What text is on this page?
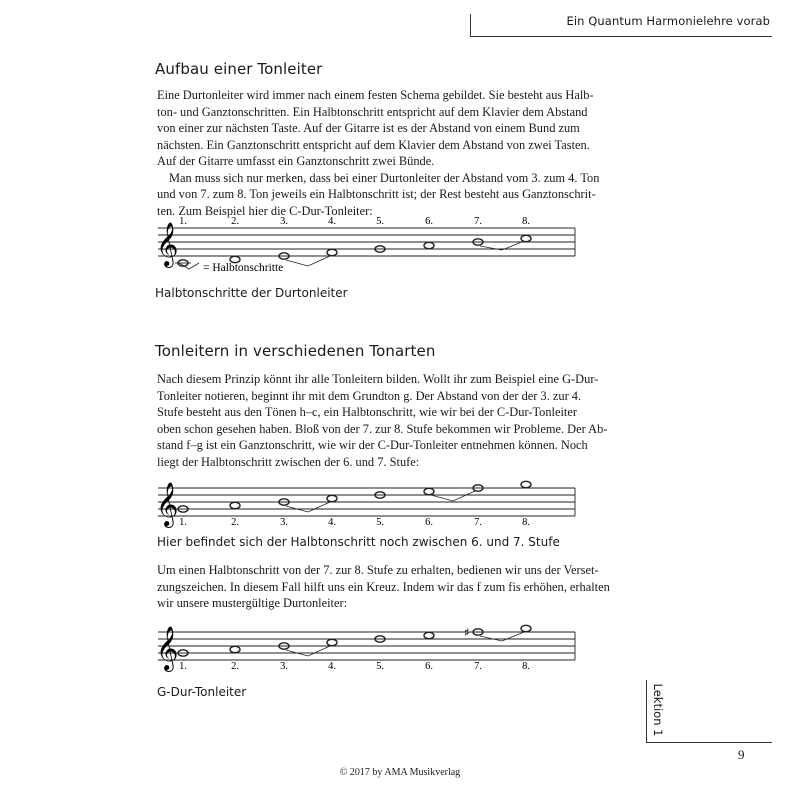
Ein Quantum Harmonielehre vorab
Aufbau einer Tonleiter
Eine Durtonleiter wird immer nach einem festen Schema gebildet. Sie besteht aus Halb-
ton- und Ganztonschritten. Ein Halbtonschritt entspricht auf dem Klavier dem Abstand
von einer zur nächsten Taste. Auf der Gitarre ist es der Abstand von einem Bund zum
nächsten. Ein Ganztonschritt entspricht auf dem Klavier dem Abstand von zwei Tasten.
Auf der Gitarre umfasst ein Ganztonschritt zwei Bünde.
Man muss sich nur merken, dass bei einer Durtonleiter der Abstand vom 3. zum 4. Ton
und von 7. zum 8. Ton jeweils ein Halbtonschritt ist; der Rest besteht aus Ganztonschrit-
ten. Zum Beispiel hier die C-Dur-Tonleiter:
𝄞
1.	2.	3.	4.	5.	6.	7.	8.
= Halbtonschritte
Halbtonschritte der Durtonleiter
Tonleitern in verschiedenen Tonarten
Nach diesem Prinzip könnt ihr alle Tonleitern bilden. Wollt ihr zum Beispiel eine G-Dur-
Tonleiter notieren, beginnt ihr mit dem Grundton g. Der Abstand von der der 3. zur 4.
Stufe besteht aus den Tönen h–c, ein Halbtonschritt, wie wir bei der C-Dur-Tonleiter
oben schon gesehen haben. Bloß von der 7. zur 8. Stufe bekommen wir Probleme. Der Ab-
stand f–g ist ein Ganztonschritt, wie wir der C-Dur-Tonleiter entnehmen können. Noch
liegt der Halbtonschritt zwischen der 6. und 7. Stufe:
𝄞 1.	2.	3.	4.	5.	6.	7.	8.
Hier befindet sich der Halbtonschritt noch zwischen 6. und 7. Stufe
Um einen Halbtonschritt von der 7. zur 8. Stufe zu erhalten, bedienen wir uns der Verset-
zungszeichen. In diesem Fall hilft uns ein Kreuz. Indem wir das f zum fis erhöhen, erhalten
wir unsere mustergültige Durtonleiter:
𝄞	♯
1.	2.	3.	4.	5.	6.	7.	8.
G-Dur-Tonleiter	Lektion 1
9
© 2017 by AMA Musikverlag
